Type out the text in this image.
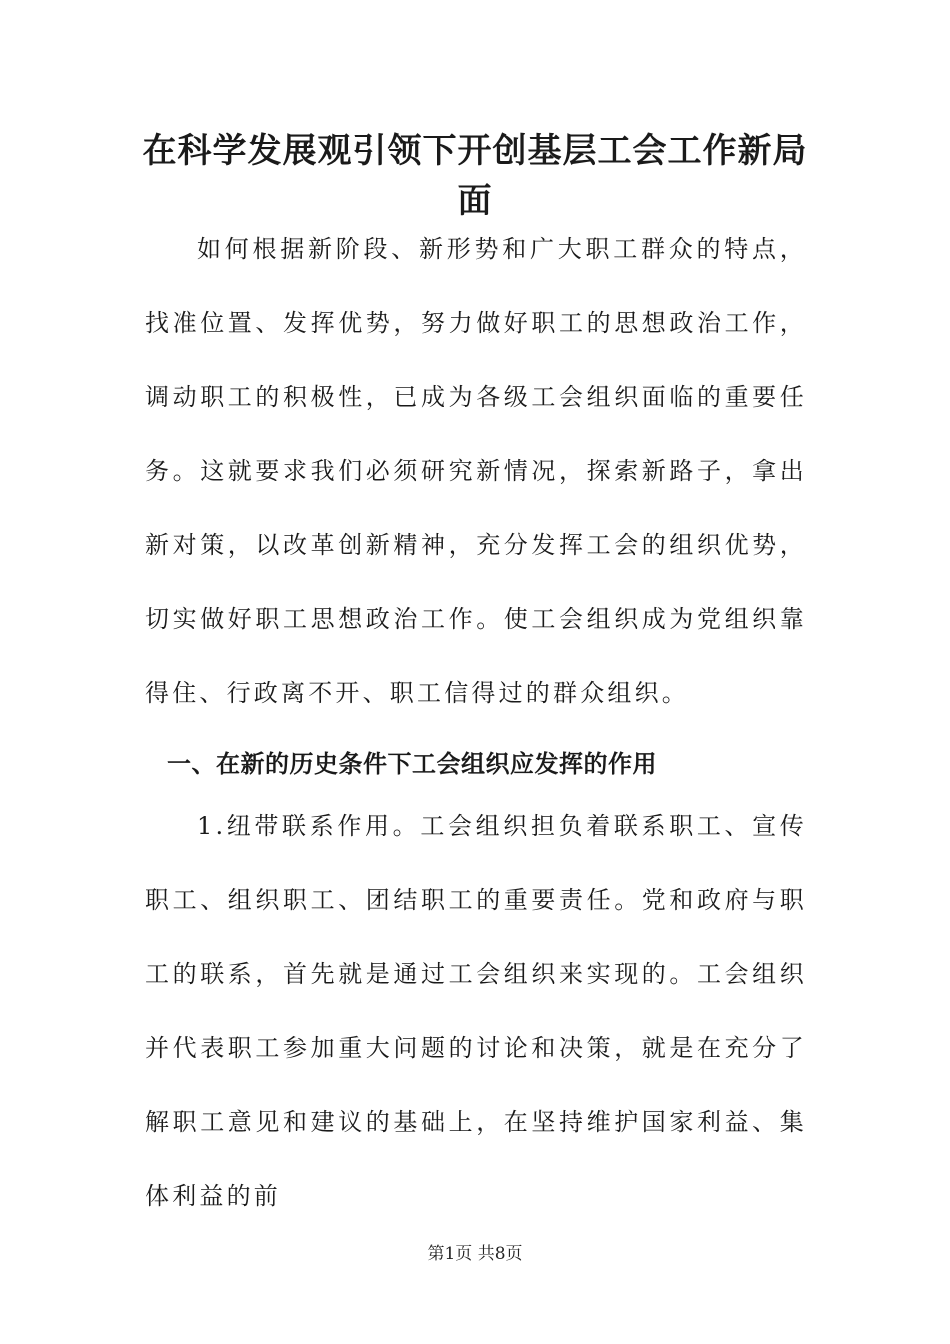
在科学发展观引领下开创基层工会工作新局面

如何根据新阶段、新形势和广大职工群众的特点，找准位置、发挥优势，努力做好职工的思想政治工作，调动职工的积极性，已成为各级工会组织面临的重要任务。这就要求我们必须研究新情况，探索新路子，拿出新对策，以改革创新精神，充分发挥工会的组织优势，切实做好职工思想政治工作。使工会组织成为党组织靠得住、行政离不开、职工信得过的群众组织。

一、在新的历史条件下工会组织应发挥的作用

1.纽带联系作用。工会组织担负着联系职工、宣传职工、组织职工、团结职工的重要责任。党和政府与职工的联系，首先就是通过工会组织来实现的。工会组织并代表职工参加重大问题的讨论和决策，就是在充分了解职工意见和建议的基础上，在坚持维护国家利益、集体利益的前

第1页 共8页
